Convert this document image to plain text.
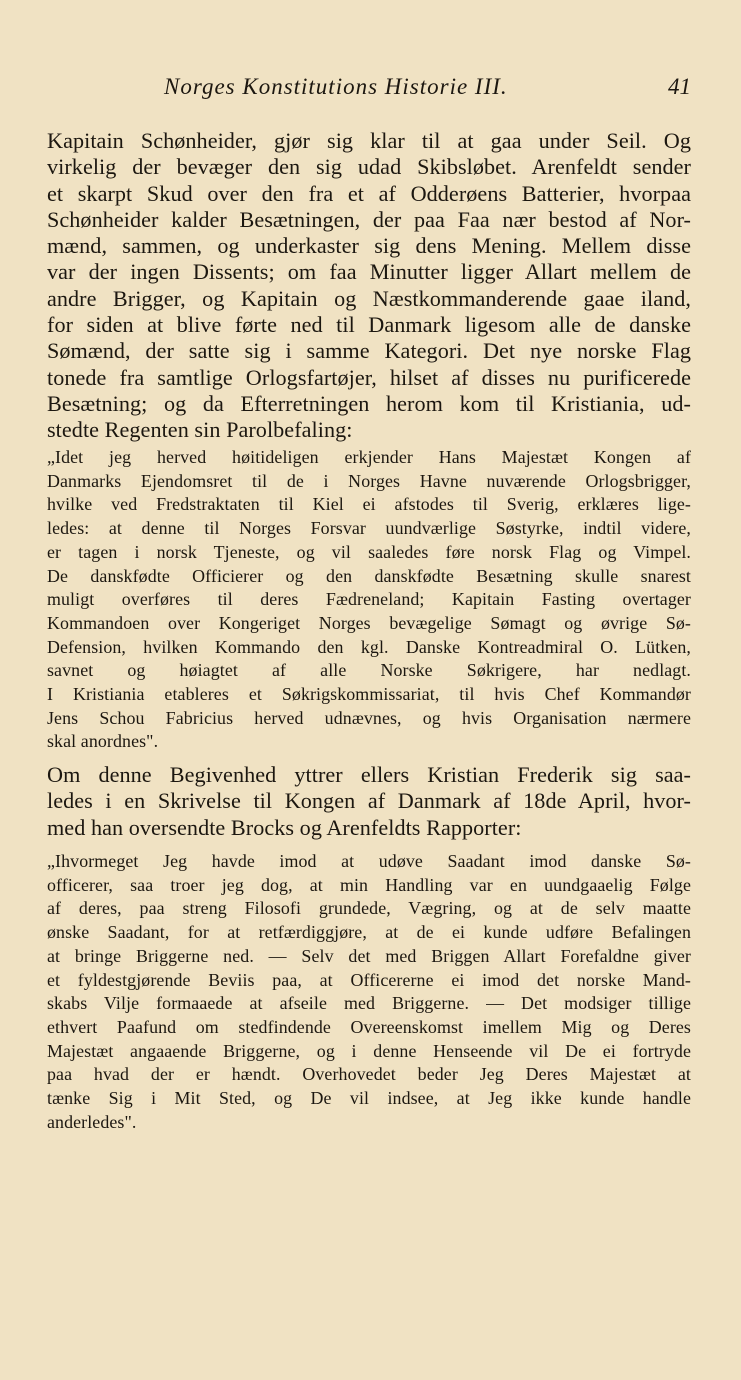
Norges Konstitutions Historie III.	41
Kapitain Schønheider, gjør sig klar til at gaa under Seil. Og
virkelig der bevæger den sig udad Skibsløbet. Arenfeldt sender
et skarpt Skud over den fra et af Odderøens Batterier, hvorpaa
Schønheider kalder Besætningen, der paa Faa nær bestod af Nor-
mænd, sammen, og underkaster sig dens Mening. Mellem disse
var der ingen Dissents; om faa Minutter ligger Allart mellem de
andre Brigger, og Kapitain og Næstkommanderende gaae iland,
for siden at blive førte ned til Danmark ligesom alle de danske
Sømænd, der satte sig i samme Kategori. Det nye norske Flag
tonede fra samtlige Orlogsfartøjer, hilset af disses nu purificerede
Besætning; og da Efterretningen herom kom til Kristiania, ud-
stedte Regenten sin Parolbefaling:
„Idet jeg herved høitideligen erkjender Hans Majestæt Kongen af
Danmarks Ejendomsret til de i Norges Havne nuværende Orlogsbrigger,
hvilke ved Fredstraktaten til Kiel ei afstodes til Sverig, erklæres lige-
ledes: at denne til Norges Forsvar uundværlige Søstyrke, indtil videre,
er tagen i norsk Tjeneste, og vil saaledes føre norsk Flag og Vimpel.
De danskfødte Officierer og den danskfødte Besætning skulle snarest
muligt overføres til deres Fædreneland; Kapitain Fasting overtager
Kommandoen over Kongeriget Norges bevægelige Sømagt og øvrige Sø-
Defension, hvilken Kommando den kgl. Danske Kontreadmiral O. Lütken,
savnet og høiagtet af alle Norske Søkrigere, har nedlagt.
I Kristiania etableres et Søkrigskommissariat, til hvis Chef Kommandør
Jens Schou Fabricius herved udnævnes, og hvis Organisation nærmere
skal anordnes".
Om denne Begivenhed yttrer ellers Kristian Frederik sig saa-
ledes i en Skrivelse til Kongen af Danmark af 18de April, hvor-
med han oversendte Brocks og Arenfeldts Rapporter:
„Ihvormeget Jeg havde imod at udøve Saadant imod danske Sø-
officerer, saa troer jeg dog, at min Handling var en uundgaaelig Følge
af deres, paa streng Filosofi grundede, Vægring, og at de selv maatte
ønske Saadant, for at retfærdiggjøre, at de ei kunde udføre Befalingen
at bringe Briggerne ned. — Selv det med Briggen Allart Forefaldne giver
et fyldestgjørende Beviis paa, at Officererne ei imod det norske Mand-
skabs Vilje formaaede at afseile med Briggerne. — Det modsiger tillige
ethvert Paafund om stedfindende Overeenskomst imellem Mig og Deres
Majestæt angaaende Briggerne, og i denne Henseende vil De ei fortryde
paa hvad der er hændt. Overhovedet beder Jeg Deres Majestæt at
tænke Sig i Mit Sted, og De vil indsee, at Jeg ikke kunde handle
anderledes".
